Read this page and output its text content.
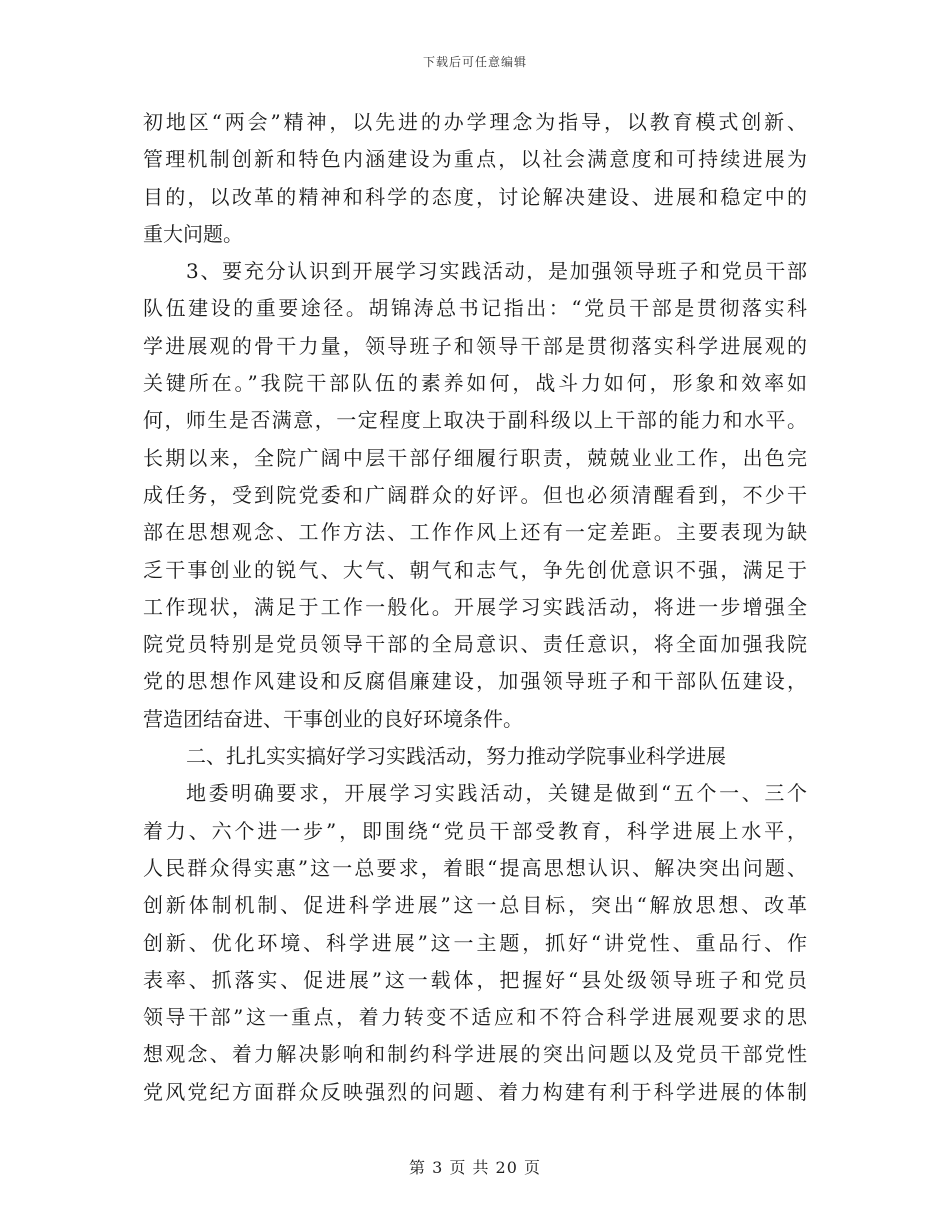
下载后可任意编辑
初地区“两会”精神，以先进的办学理念为指导，以教育模式创新、
管理机制创新和特色内涵建设为重点，以社会满意度和可持续进展为
目的，以改革的精神和科学的态度，讨论解决建设、进展和稳定中的
重大问题。
3、要充分认识到开展学习实践活动，是加强领导班子和党员干部
队伍建设的重要途径。胡锦涛总书记指出：“党员干部是贯彻落实科
学进展观的骨干力量，领导班子和领导干部是贯彻落实科学进展观的
关键所在。”我院干部队伍的素养如何，战斗力如何，形象和效率如
何，师生是否满意，一定程度上取决于副科级以上干部的能力和水平。
长期以来，全院广阔中层干部仔细履行职责，兢兢业业工作，出色完
成任务，受到院党委和广阔群众的好评。但也必须清醒看到，不少干
部在思想观念、工作方法、工作作风上还有一定差距。主要表现为缺
乏干事创业的锐气、大气、朝气和志气，争先创优意识不强，满足于
工作现状，满足于工作一般化。开展学习实践活动，将进一步增强全
院党员特别是党员领导干部的全局意识、责任意识，将全面加强我院
党的思想作风建设和反腐倡廉建设，加强领导班子和干部队伍建设，
营造团结奋进、干事创业的良好环境条件。
二、扎扎实实搞好学习实践活动，努力推动学院事业科学进展
地委明确要求，开展学习实践活动，关键是做到“五个一、三个
着力、六个进一步”，即围绕“党员干部受教育，科学进展上水平，
人民群众得实惠”这一总要求，着眼“提高思想认识、解决突出问题、
创新体制机制、促进科学进展”这一总目标，突出“解放思想、改革
创新、优化环境、科学进展”这一主题，抓好“讲党性、重品行、作
表率、抓落实、促进展”这一载体，把握好“县处级领导班子和党员
领导干部”这一重点，着力转变不适应和不符合科学进展观要求的思
想观念、着力解决影响和制约科学进展的突出问题以及党员干部党性
党风党纪方面群众反映强烈的问题、着力构建有利于科学进展的体制
第 3 页 共 20 页
